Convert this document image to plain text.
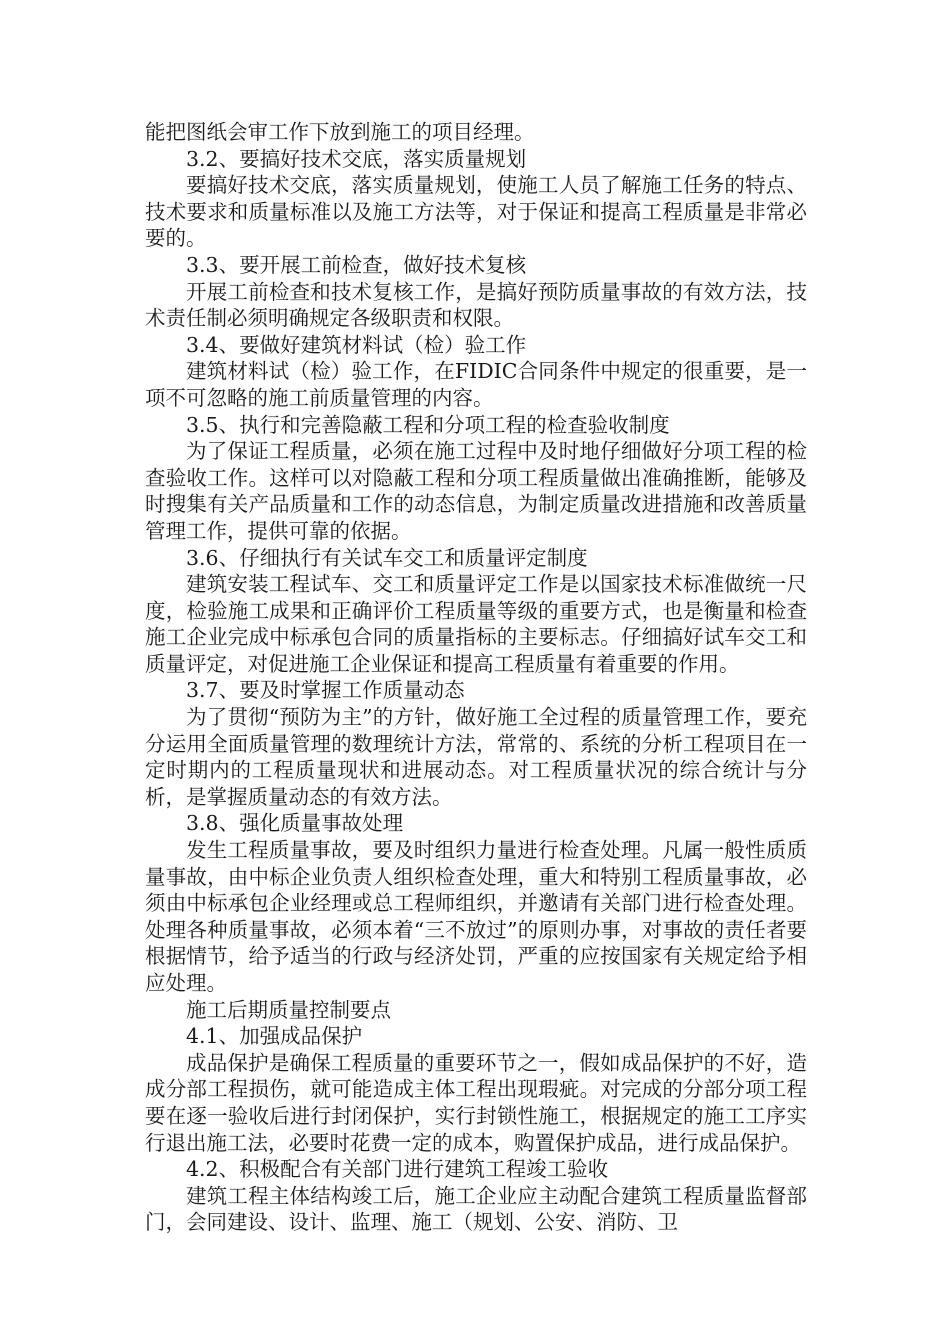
能把图纸会审工作下放到施工的项目经理。

3.2、要搞好技术交底，落实质量规划

要搞好技术交底，落实质量规划，使施工人员了解施工任务的特点、技术要求和质量标准以及施工方法等，对于保证和提高工程质量是非常必要的。

3.3、要开展工前检查，做好技术复核

开展工前检查和技术复核工作，是搞好预防质量事故的有效方法，技术责任制必须明确规定各级职责和权限。

3.4、要做好建筑材料试（检）验工作

建筑材料试（检）验工作，在FIDIC合同条件中规定的很重要，是一项不可忽略的施工前质量管理的内容。

3.5、执行和完善隐蔽工程和分项工程的检查验收制度

为了保证工程质量，必须在施工过程中及时地仔细做好分项工程的检查验收工作。这样可以对隐蔽工程和分项工程质量做出准确推断，能够及时搜集有关产品质量和工作的动态信息，为制定质量改进措施和改善质量管理工作，提供可靠的依据。

3.6、仔细执行有关试车交工和质量评定制度

建筑安装工程试车、交工和质量评定工作是以国家技术标准做统一尺度，检验施工成果和正确评价工程质量等级的重要方式，也是衡量和检查施工企业完成中标承包合同的质量指标的主要标志。仔细搞好试车交工和质量评定，对促进施工企业保证和提高工程质量有着重要的作用。

3.7、要及时掌握工作质量动态

为了贯彻“预防为主”的方针，做好施工全过程的质量管理工作，要充分运用全面质量管理的数理统计方法，常常的、系统的分析工程项目在一定时期内的工程质量现状和进展动态。对工程质量状况的综合统计与分析，是掌握质量动态的有效方法。

3.8、强化质量事故处理

发生工程质量事故，要及时组织力量进行检查处理。凡属一般性质质量事故，由中标企业负责人组织检查处理，重大和特别工程质量事故，必须由中标承包企业经理或总工程师组织，并邀请有关部门进行检查处理。处理各种质量事故，必须本着“三不放过”的原则办事，对事故的责任者要根据情节，给予适当的行政与经济处罚，严重的应按国家有关规定给予相应处理。

施工后期质量控制要点

4.1、加强成品保护

成品保护是确保工程质量的重要环节之一，假如成品保护的不好，造成分部工程损伤，就可能造成主体工程出现瑕疵。对完成的分部分项工程要在逐一验收后进行封闭保护，实行封锁性施工，根据规定的施工工序实行退出施工法，必要时花费一定的成本，购置保护成品，进行成品保护。

4.2、积极配合有关部门进行建筑工程竣工验收

建筑工程主体结构竣工后，施工企业应主动配合建筑工程质量监督部门，会同建设、设计、监理、施工（规划、公安、消防、卫
